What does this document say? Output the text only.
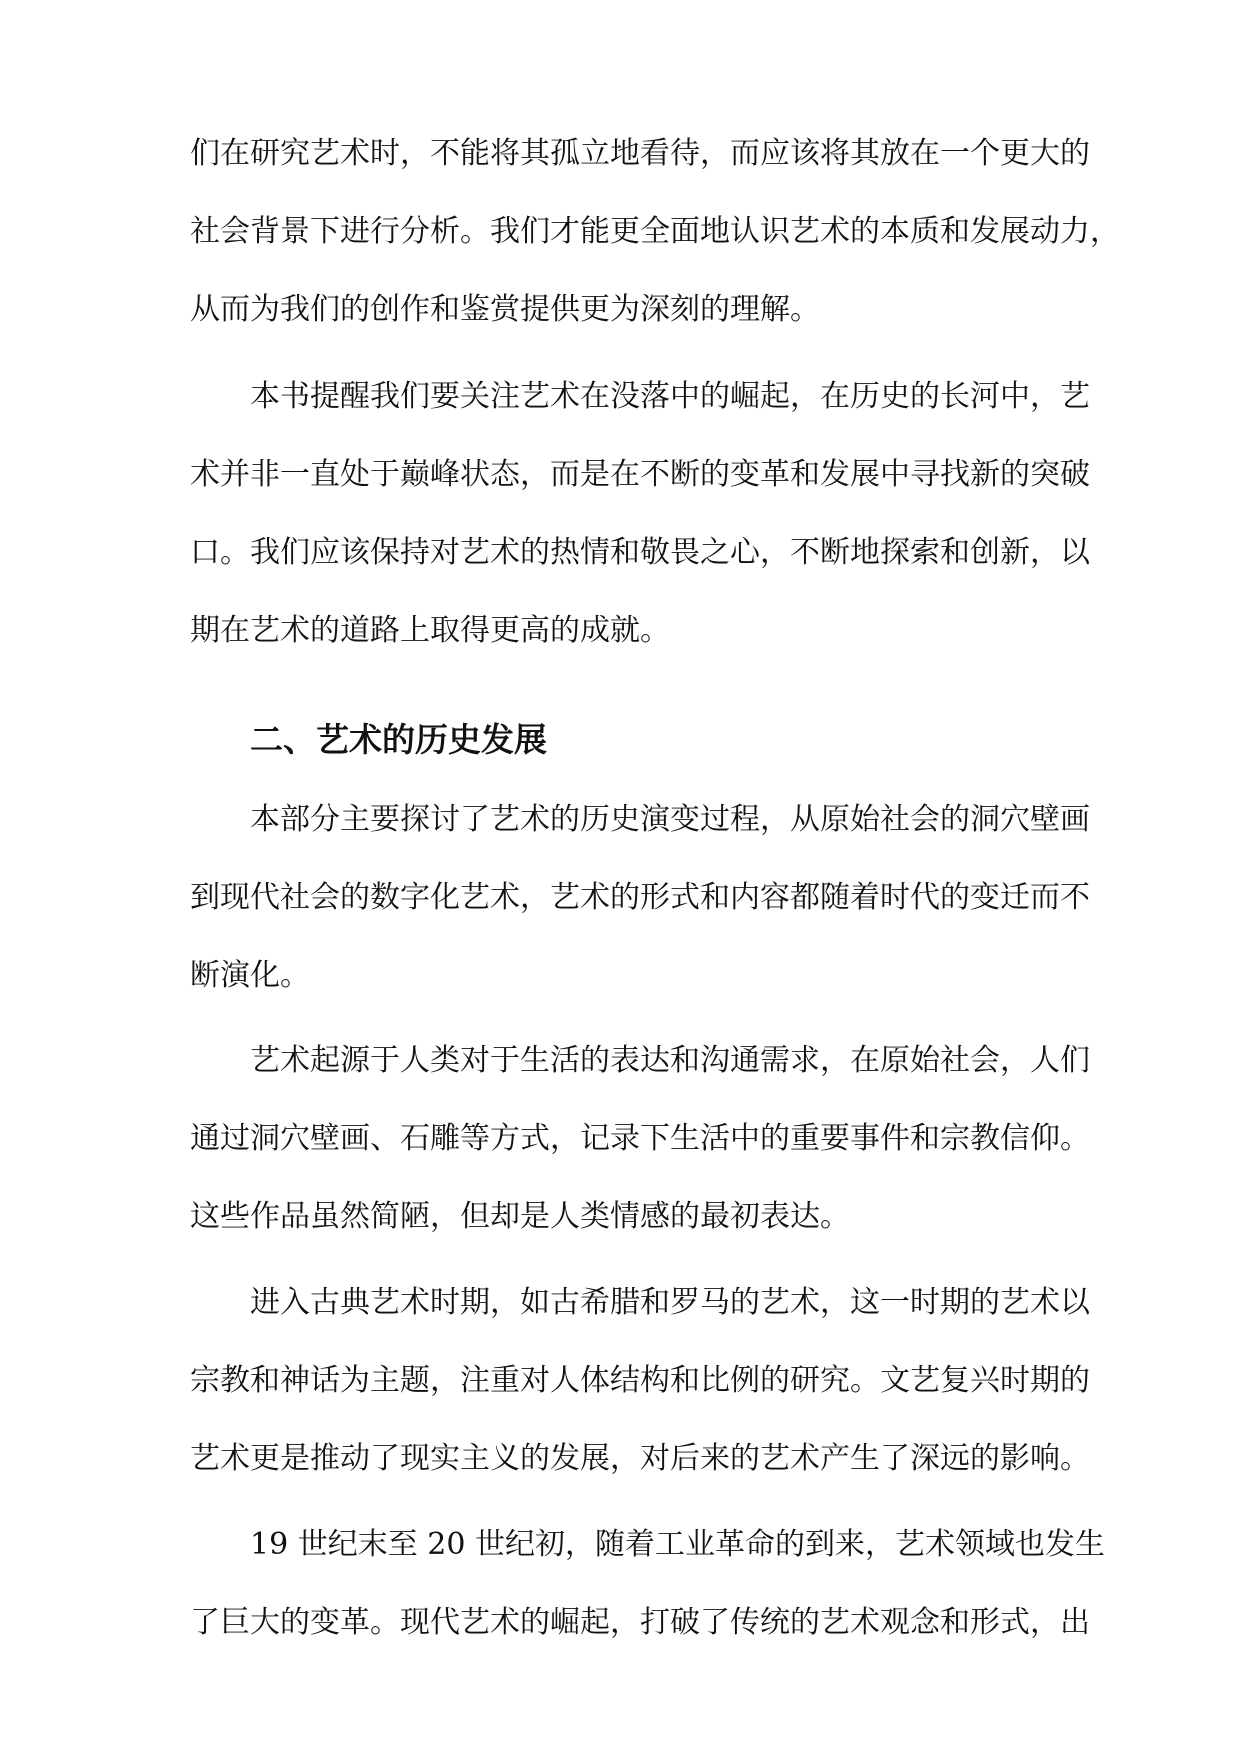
们在研究艺术时，不能将其孤立地看待，而应该将其放在一个更大的
社会背景下进行分析。我们才能更全面地认识艺术的本质和发展动力，
从而为我们的创作和鉴赏提供更为深刻的理解。
本书提醒我们要关注艺术在没落中的崛起，在历史的长河中，艺
术并非一直处于巅峰状态，而是在不断的变革和发展中寻找新的突破
口。我们应该保持对艺术的热情和敬畏之心，不断地探索和创新，以
期在艺术的道路上取得更高的成就。
二、艺术的历史发展
本部分主要探讨了艺术的历史演变过程，从原始社会的洞穴壁画
到现代社会的数字化艺术，艺术的形式和内容都随着时代的变迁而不
断演化。
艺术起源于人类对于生活的表达和沟通需求，在原始社会，人们
通过洞穴壁画、石雕等方式，记录下生活中的重要事件和宗教信仰。
这些作品虽然简陋，但却是人类情感的最初表达。
进入古典艺术时期，如古希腊和罗马的艺术，这一时期的艺术以
宗教和神话为主题，注重对人体结构和比例的研究。文艺复兴时期的
艺术更是推动了现实主义的发展，对后来的艺术产生了深远的影响。
19 世纪末至 20 世纪初，随着工业革命的到来，艺术领域也发生
了巨大的变革。现代艺术的崛起，打破了传统的艺术观念和形式，出
